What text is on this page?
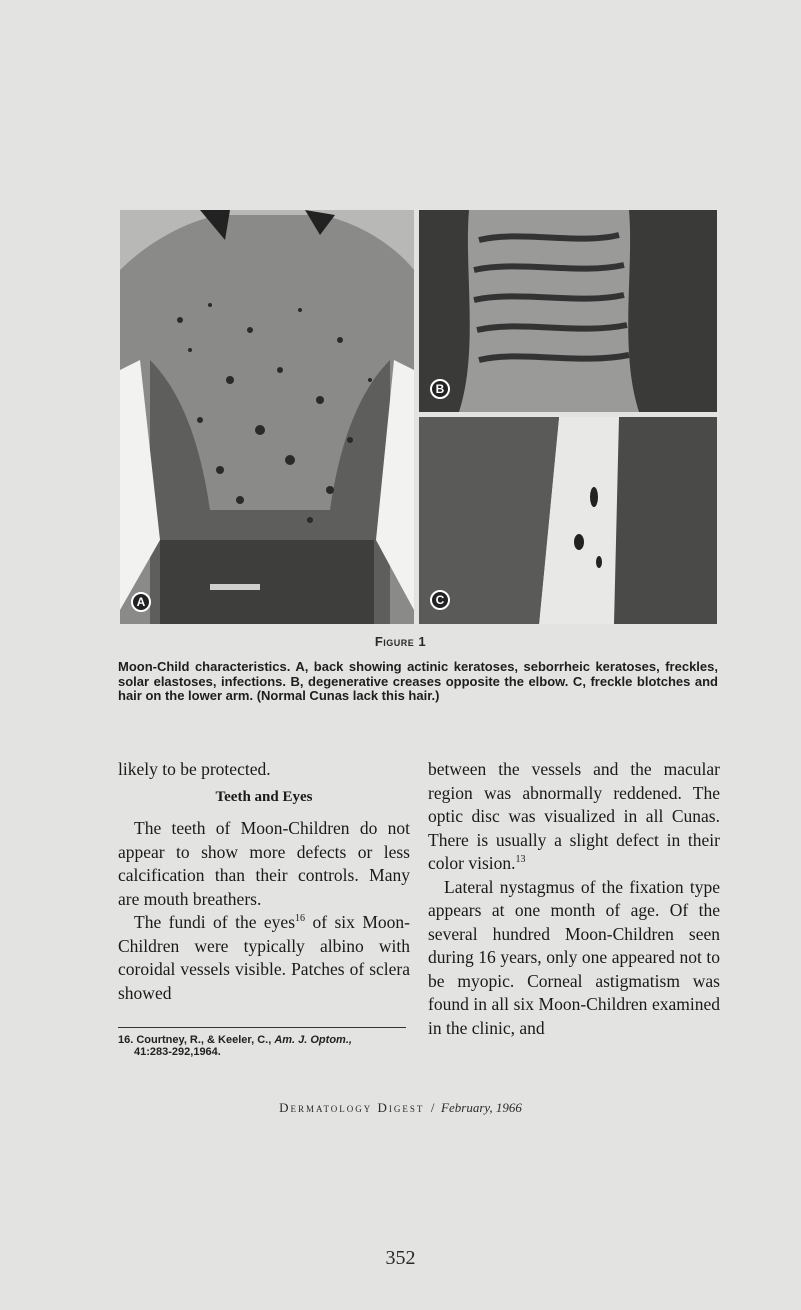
A
B
C
Figure 1
Moon-Child characteristics. A, back showing actinic keratoses, seborrheic keratoses, freckles, solar elastoses, infections. B, degenerative creases opposite the elbow. C, freckle blotches and hair on the lower arm. (Normal Cunas lack this hair.)

likely to be protected.

Teeth and Eyes

The teeth of Moon-Children do not appear to show more defects or less calcification than their controls. Many are mouth breathers.

The fundi of the eyes$^{16}$ of six Moon-Children were typically albino with coroidal vessels visible. Patches of sclera showed

between the vessels and the macular region was abnormally reddened. The optic disc was visualized in all Cunas. There is usually a slight defect in their color vision.$^{13}$

Lateral nystagmus of the fixation type appears at one month of age. Of the several hundred Moon-Children seen during 16 years, only one appeared not to be myopic. Corneal astigmatism was found in all six Moon-Children examined in the clinic, and

16. Courtney, R., & Keeler, C., Am. J. Optom.,
41:283-292,1964.
Dermatology Digest / February, 1966
352
